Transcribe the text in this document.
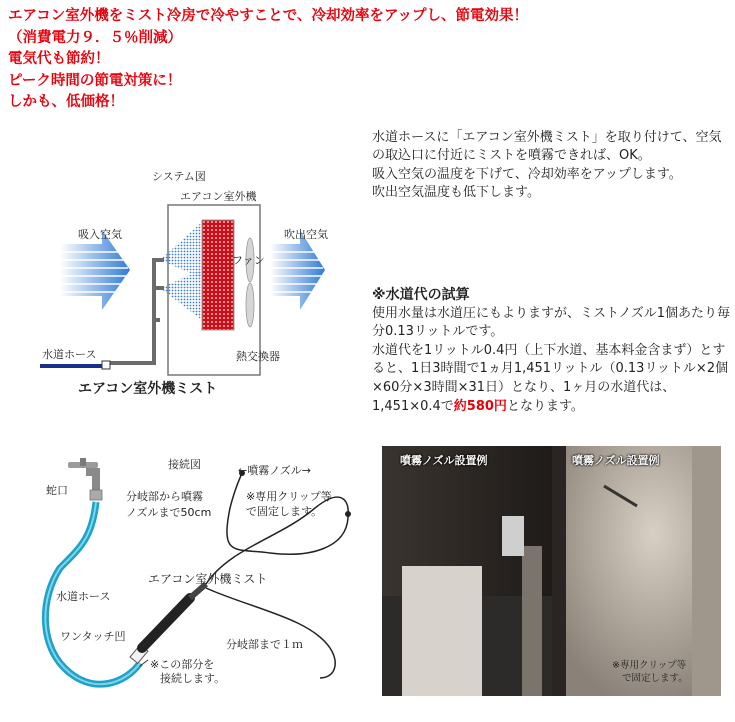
エアコン室外機をミスト冷房で冷やすことで、冷却効率をアップし、節電効果！
（消費電力９．５％削減）
電気代も節約！
ピーク時間の節電対策に！
しかも、低価格！

水道ホースに「エアコン室外機ミスト」を取り付けて、空気の取込口に付近にミストを噴霧できれば、OK。

吸入空気の温度を下げて、冷却効率をアップします。

吹出空気温度も低下します。

※水道代の試算

使用水量は水道圧にもよりますが、ミストノズル1個あたり毎分0.13リットルです。

水道代を1リットル0.4円（上下水道、基本料金含まず）とすると、1日3時間で1ヵ月1,451リットル（0.13リットル×2個×60分×3時間×31日）となり、1ヶ月の水道代は、1,451×0.4で約580円となります。

システム図
エアコン室外機
吸入空気	吹出空気
ファン
熱交換器
水道ホース
エアコン室外機ミスト
接続図
蛇口	分岐部から噴霧
ノズルまで50cm
←噴霧ノズル→
※専用クリップ等
で固定します。
エアコン室外機ミスト
水道ホース
ワンタッチ凹
※この部分を
接続します。
分岐部まで１ｍ
噴霧ノズル設置例	噴霧ノズル設置例
※専用クリップ等
で固定します。
